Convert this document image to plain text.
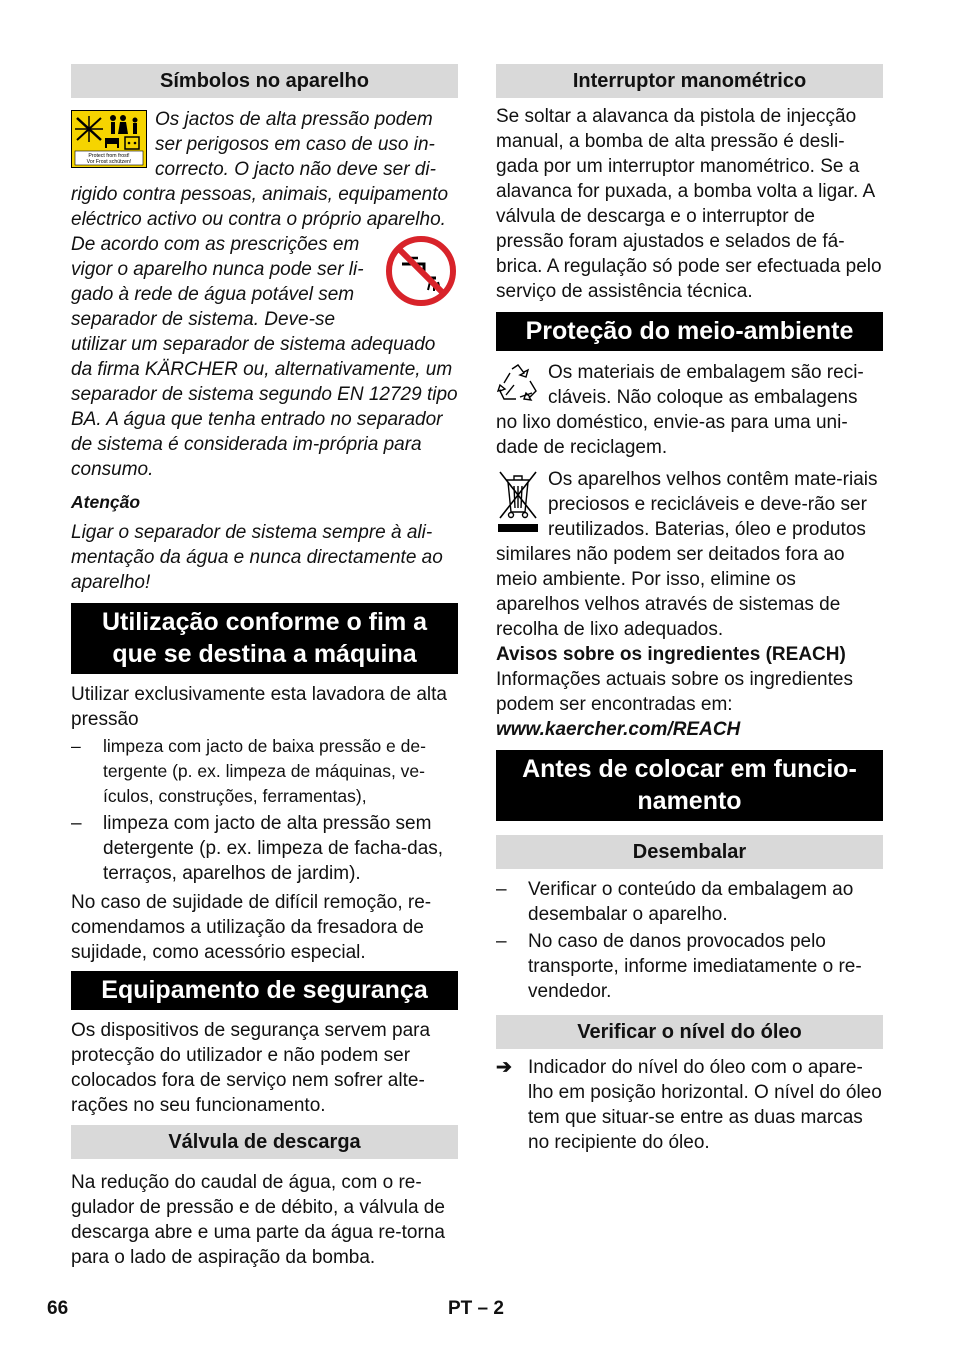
Símbolos no aparelho
Protect from frost!
Vor Frost schützen!

Os jactos de alta pressão podem ser perigosos em caso de uso in-correcto. O jacto não deve ser di-rigido contra pessoas, animais, equipamento eléctrico activo ou contra o próprio aparelho.

De acordo com as prescrições em vigor o aparelho nunca pode ser li-gado à rede de água potável sem separador de sistema. Deve-se utilizar um separador de sistema adequado da firma KÄRCHER ou, alternativamente, um separador de sistema segundo EN 12729 tipo BA. A água que tenha entrado no separador de sistema é considerada im-própria para consumo.

Atenção

Ligar o separador de sistema sempre à ali-mentação da água e nunca directamente ao aparelho!

Utilização conforme o fim a que se destina a máquina

Utilizar exclusivamente esta lavadora de alta pressão

– limpeza com jacto de baixa pressão e de-tergente (p. ex. limpeza de máquinas, ve-ículos, construções, ferramentas),

– limpeza com jacto de alta pressão sem detergente (p. ex. limpeza de facha-das, terraços, aparelhos de jardim).

No caso de sujidade de difícil remoção, re-comendamos a utilização da fresadora de sujidade, como acessório especial.

Equipamento de segurança

Os dispositivos de segurança servem para protecção do utilizador e não podem ser colocados fora de serviço nem sofrer alte-rações no seu funcionamento.

Válvula de descarga

Na redução do caudal de água, com o re-gulador de pressão e de débito, a válvula de descarga abre e uma parte da água re-torna para o lado de aspiração da bomba.

Interruptor manométrico

Se soltar a alavanca da pistola de injecção manual, a bomba de alta pressão é desli-gada por um interruptor manométrico. Se a alavanca for puxada, a bomba volta a ligar. A válvula de descarga e o interruptor de pressão foram ajustados e selados de fá-brica. A regulação só pode ser efectuada pelo serviço de assistência técnica.

Proteção do meio-ambiente

Os materiais de embalagem são reci-cláveis. Não coloque as embalagens no lixo doméstico, envie-as para uma uni-dade de reciclagem.

Os aparelhos velhos contêm mate-riais preciosos e recicláveis e deve-rão ser reutilizados. Baterias, óleo e produtos similares não podem ser deitados fora ao meio ambiente. Por isso, elimine os aparelhos velhos através de sistemas de recolha de lixo adequados.

Avisos sobre os ingredientes (REACH)

Informações actuais sobre os ingredientes podem ser encontradas em:

www.kaercher.com/REACH

Antes de colocar em funcio-namento
Desembalar

– Verificar o conteúdo da embalagem ao desembalar o aparelho.

– No caso de danos provocados pelo transporte, informe imediatamente o re-vendedor.

Verificar o nível do óleo

➔ Indicador do nível do óleo com o apare-lho em posição horizontal. O nível do óleo tem que situar-se entre as duas marcas no recipiente do óleo.

66	PT – 2
